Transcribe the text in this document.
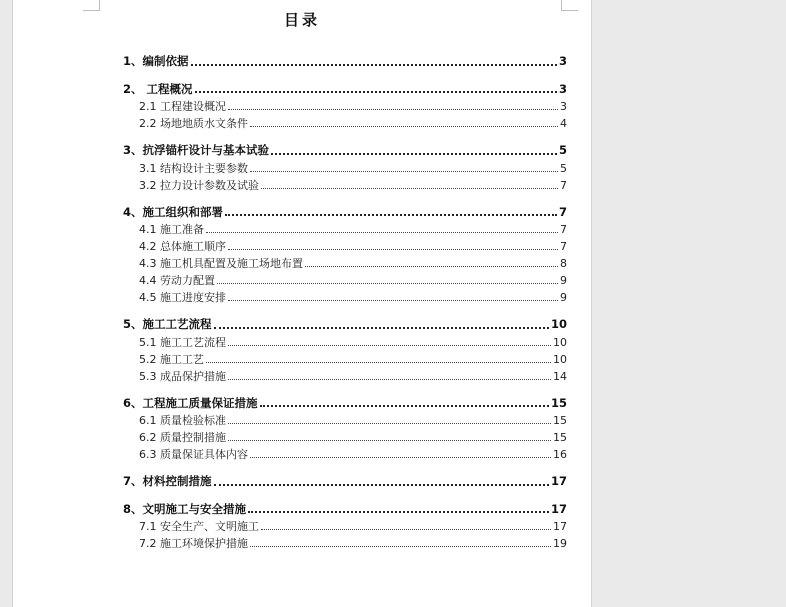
目录
1、编制依据	3
2、 工程概况	3
2.1 工程建设概况	3
2.2 场地地质水文条件	4
3、抗浮锚杆设计与基本试验	5
3.1 结构设计主要参数	5
3.2 拉力设计参数及试验	7
4、施工组织和部署	7
4.1 施工准备	7
4.2 总体施工顺序	7
4.3 施工机具配置及施工场地布置	8
4.4 劳动力配置	9
4.5 施工进度安排	9
5、施工工艺流程	10
5.1 施工工艺流程	10
5.2 施工工艺	10
5.3 成品保护措施	14
6、工程施工质量保证措施	15
6.1 质量检验标准	15
6.2 质量控制措施	15
6.3 质量保证具体内容	16
7、材料控制措施	17
8、文明施工与安全措施	17
7.1 安全生产、文明施工	17
7.2 施工环境保护措施	19
